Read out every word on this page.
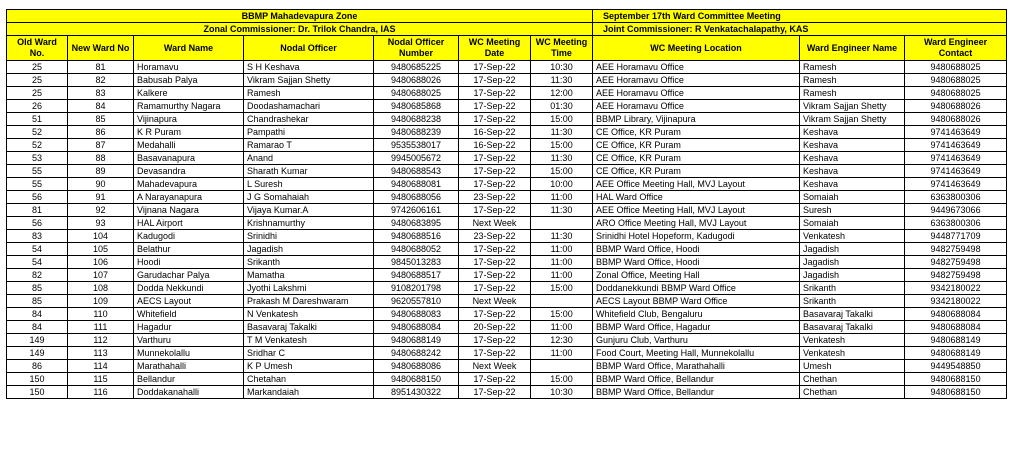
BBMP Mahadevapura Zone							September 17th Ward Committee Meeting		
Zonal Commissioner: Dr. Trilok Chandra, IAS							Joint Commissioner: R Venkatachalapathy, KAS		
Old Ward No.	New Ward No	Ward Name	Nodal Officer	Nodal Officer Number	WC Meeting Date	WC Meeting Time	WC Meeting Location	Ward Engineer Name	Ward Engineer Contact
25	81	Horamavu	S H Keshava	9480685225	17-Sep-22	10:30	AEE Horamavu Office	Ramesh	9480688025
25	82	Babusab Palya	Vikram Sajjan Shetty	9480688026	17-Sep-22	11:30	AEE Horamavu Office	Ramesh	9480688025
25	83	Kalkere	Ramesh	9480688025	17-Sep-22	12:00	AEE Horamavu Office	Ramesh	9480688025
26	84	Ramamurthy Nagara	Doodashamachari	9480685868	17-Sep-22	01:30	AEE Horamavu Office	Vikram Sajjan Shetty	9480688026
51	85	Vijinapura	Chandrashekar	9480688238	17-Sep-22	15:00	BBMP Library, Vijinapura	Vikram Sajjan Shetty	9480688026
52	86	K R Puram	Pampathi	9480688239	16-Sep-22	11:30	CE Office, KR Puram	Keshava	9741463649
52	87	Medahalli	Ramarao T	9535538017	16-Sep-22	15:00	CE Office, KR Puram	Keshava	9741463649
53	88	Basavanapura	Anand	9945005672	17-Sep-22	11:30	CE Office, KR Puram	Keshava	9741463649
55	89	Devasandra	Sharath Kumar	9480688543	17-Sep-22	15:00	CE Office, KR Puram	Keshava	9741463649
55	90	Mahadevapura	L Suresh	9480688081	17-Sep-22	10:00	AEE Office Meeting Hall, MVJ Layout	Keshava	9741463649
56	91	A Narayanapura	J G Somahaiah	9480688056	23-Sep-22	11:00	HAL Ward Office	Somaiah	6363800306
81	92	Vijnana Nagara	Vijaya Kumar.A	9742606161	17-Sep-22	11:30	AEE Office Meeting Hall, MVJ Layout	Suresh	9449673066
56	93	HAL Airport	Krishnamurthy	9480683895	Next Week		ARO Office Meeting Hall, MVJ Layout	Somaiah	6363800306
83	104	Kadugodi	Srinidhi	9480688516	23-Sep-22	11:30	Srinidhi Hotel Hopeform, Kadugodi	Venkatesh	9448771709
54	105	Belathur	Jagadish	9480688052	17-Sep-22	11:00	BBMP Ward Office, Hoodi	Jagadish	9482759498
54	106	Hoodi	Srikanth	9845013283	17-Sep-22	11:00	BBMP Ward Office, Hoodi	Jagadish	9482759498
82	107	Garudachar Palya	Mamatha	9480688517	17-Sep-22	11:00	Zonal Office, Meeting Hall	Jagadish	9482759498
85	108	Dodda Nekkundi	Jyothi Lakshmi	9108201798	17-Sep-22	15:00	Doddanekkundi BBMP Ward Office	Srikanth	9342180022
85	109	AECS Layout	Prakash M Dareshwaram	9620557810	Next Week		AECS Layout BBMP Ward Office	Srikanth	9342180022
84	110	Whitefield	N Venkatesh	9480688083	17-Sep-22	15:00	Whitefield Club, Bengaluru	Basavaraj Takalki	9480688084
84	111	Hagadur	Basavaraj Takalki	9480688084	20-Sep-22	11:00	BBMP Ward Office, Hagadur	Basavaraj Takalki	9480688084
149	112	Varthuru	T M Venkatesh	9480688149	17-Sep-22	12:30	Gunjuru Club, Varthuru	Venkatesh	9480688149
149	113	Munnekolallu	Sridhar C	9480688242	17-Sep-22	11:00	Food Court, Meeting Hall, Munnekolallu	Venkatesh	9480688149
86	114	Marathahalli	K P Umesh	9480688086	Next Week		BBMP Ward Office, Marathahalli	Umesh	9449548850
150	115	Bellandur	Chetahan	9480688150	17-Sep-22	15:00	BBMP Ward Office, Bellandur	Chethan	9480688150
150	116	Doddakanahalli	Markandaiah	8951430322	17-Sep-22	10:30	BBMP Ward Office, Bellandur	Chethan	9480688150
